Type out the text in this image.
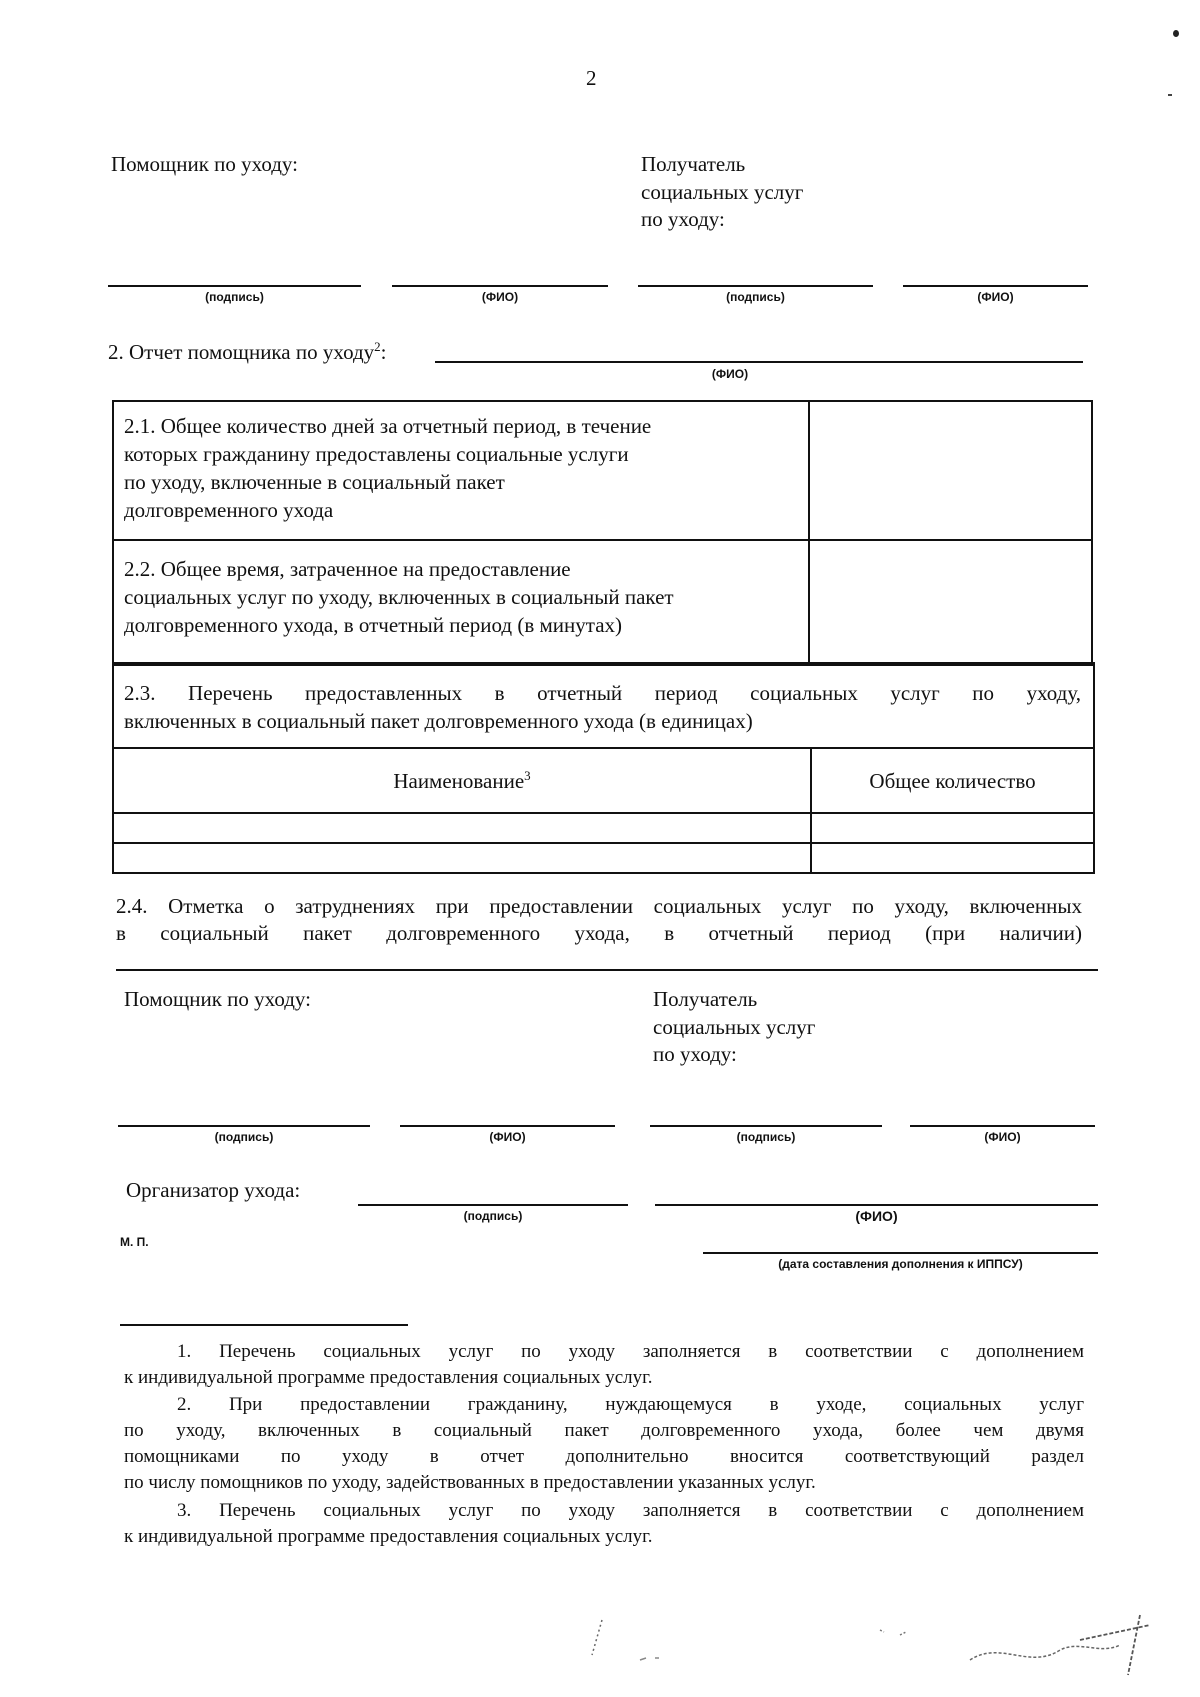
2
Помощник по уходу:	Получатель
социальных услуг
по уходу:
(подпись)	(ФИО)	(подпись)	(ФИО)
2. Отчет помощника по уходу$^2$:
(ФИО)
2.1. Общее количество дней за отчетный период, в течение
которых гражданину предоставлены социальные услуги
по уходу, включенные в социальный пакет
долговременного ухода	

2.2. Общее время, затраченное на предоставление
социальных услуг по уходу, включенных в социальный пакет
долговременного ухода, в отчетный период (в минутах)	

2.3. Перечень предоставленных в отчетный период социальных услуг по уходу,
включенных в социальный пакет долговременного ухода (в единицах)	

Наименование$^3$	Общее количество

2.4. Отметка о затруднениях при предоставлении социальных услуг по уходу, включенных
в социальный пакет долговременного ухода, в отчетный период (при наличии)
Помощник по уходу:	Получатель
социальных услуг
по уходу:
(подпись)	(ФИО)	(подпись)	(ФИО)
Организатор ухода:
(подпись)	(ФИО)
М. П.
(дата составления дополнения к ИППСУ)
1. Перечень социальных услуг по уходу заполняется в соответствии с дополнением
к индивидуальной программе предоставления социальных услуг.
2. При предоставлении гражданину, нуждающемуся в уходе, социальных услуг
по уходу, включенных в социальный пакет долговременного ухода, более чем двумя
помощниками по уходу в отчет дополнительно вносится соответствующий раздел
по числу помощников по уходу, задействованных в предоставлении указанных услуг.
3. Перечень социальных услуг по уходу заполняется в соответствии с дополнением
к индивидуальной программе предоставления социальных услуг.
